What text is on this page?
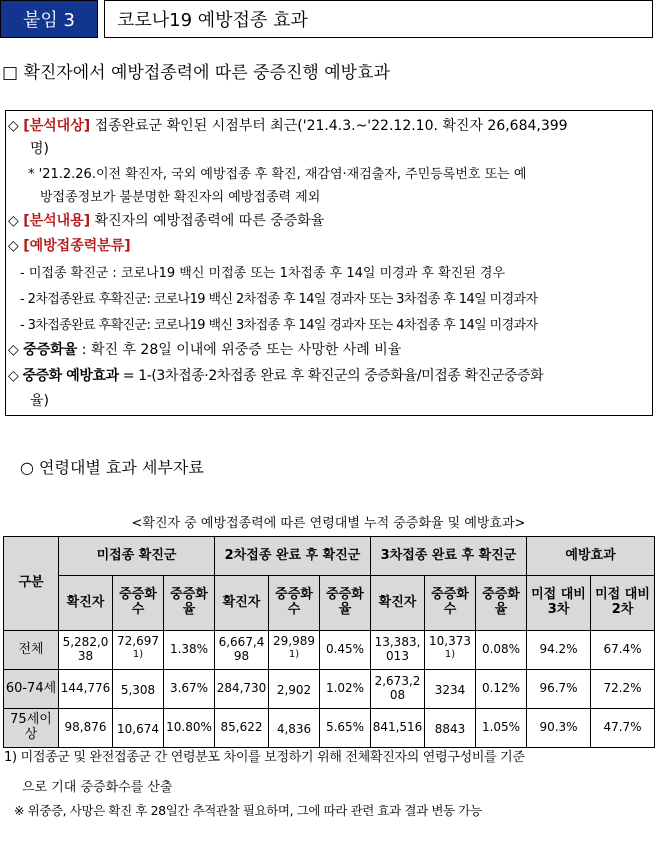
붙임 3	코로나19 예방접종 효과
□ 확진자에서 예방접종력에 따른 중증진행 예방효과
◇ [분석대상] 접종완료군 확인된 시점부터 최근('21.4.3.~'22.12.10. 확진자 26,684,399
명)
* '21.2.26.이전 확진자, 국외 예방접종 후 확진, 재감염·재검출자, 주민등록번호 또는 예
방접종정보가 불분명한 확진자의 예방접종력 제외
◇ [분석내용] 확진자의 예방접종력에 따른 중증화율
◇ [예방접종력분류]
- 미접종 확진군 : 코로나19 백신 미접종 또는 1차접종 후 14일 미경과 후 확진된 경우
- 2차접종완료 후확진군: 코로나19 백신 2차접종 후 14일 경과자 또는 3차접종 후 14일 미경과자
- 3차접종완료 후확진군: 코로나19 백신 3차접종 후 14일 경과자 또는 4차접종 후 14일 미경과자
◇ 중증화율 : 확진 후 28일 이내에 위중증 또는 사망한 사례 비율
◇ 중증화 예방효과 = 1-(3차접종·2차접종 완료 후 확진군의 중증화율/미접종 확진군중증화
율)
○ 연령대별 효과 세부자료
<확진자 중 예방접종력에 따른 연령대별 누적 중증화율 및 예방효과>
구분	미접종 확진군			2차접종 완료 후 확진군			3차접종 완료 후 확진군			예방효과	
	확진자	중증화수	중증화율	확진자	중증화수	중증화율	확진자	중증화수	중증화율	미접 대비 3차	미접 대비 2차
전체	5,282,038	72,697$^{1)}$	1.38%	6,667,498	29,989$^{1)}$	0.45%	13,383,013	10,373$^{1)}$	0.08%	94.2%	67.4%
60-74세	144,776	5,308	3.67%	284,730	2,902	1.02%	2,673,208	3234	0.12%	96.7%	72.2%
75세이상	98,876	10,674	10.80%	85,622	4,836	5.65%	841,516	8843	1.05%	90.3%	47.7%
1) 미접종군 및 완전접종군 간 연령분포 차이를 보정하기 위해 전체확진자의 연령구성비를 기준
으로 기대 중증화수를 산출
※ 위중증, 사망은 확진 후 28일간 추적관찰 필요하며, 그에 따라 관련 효과 결과 변동 가능
